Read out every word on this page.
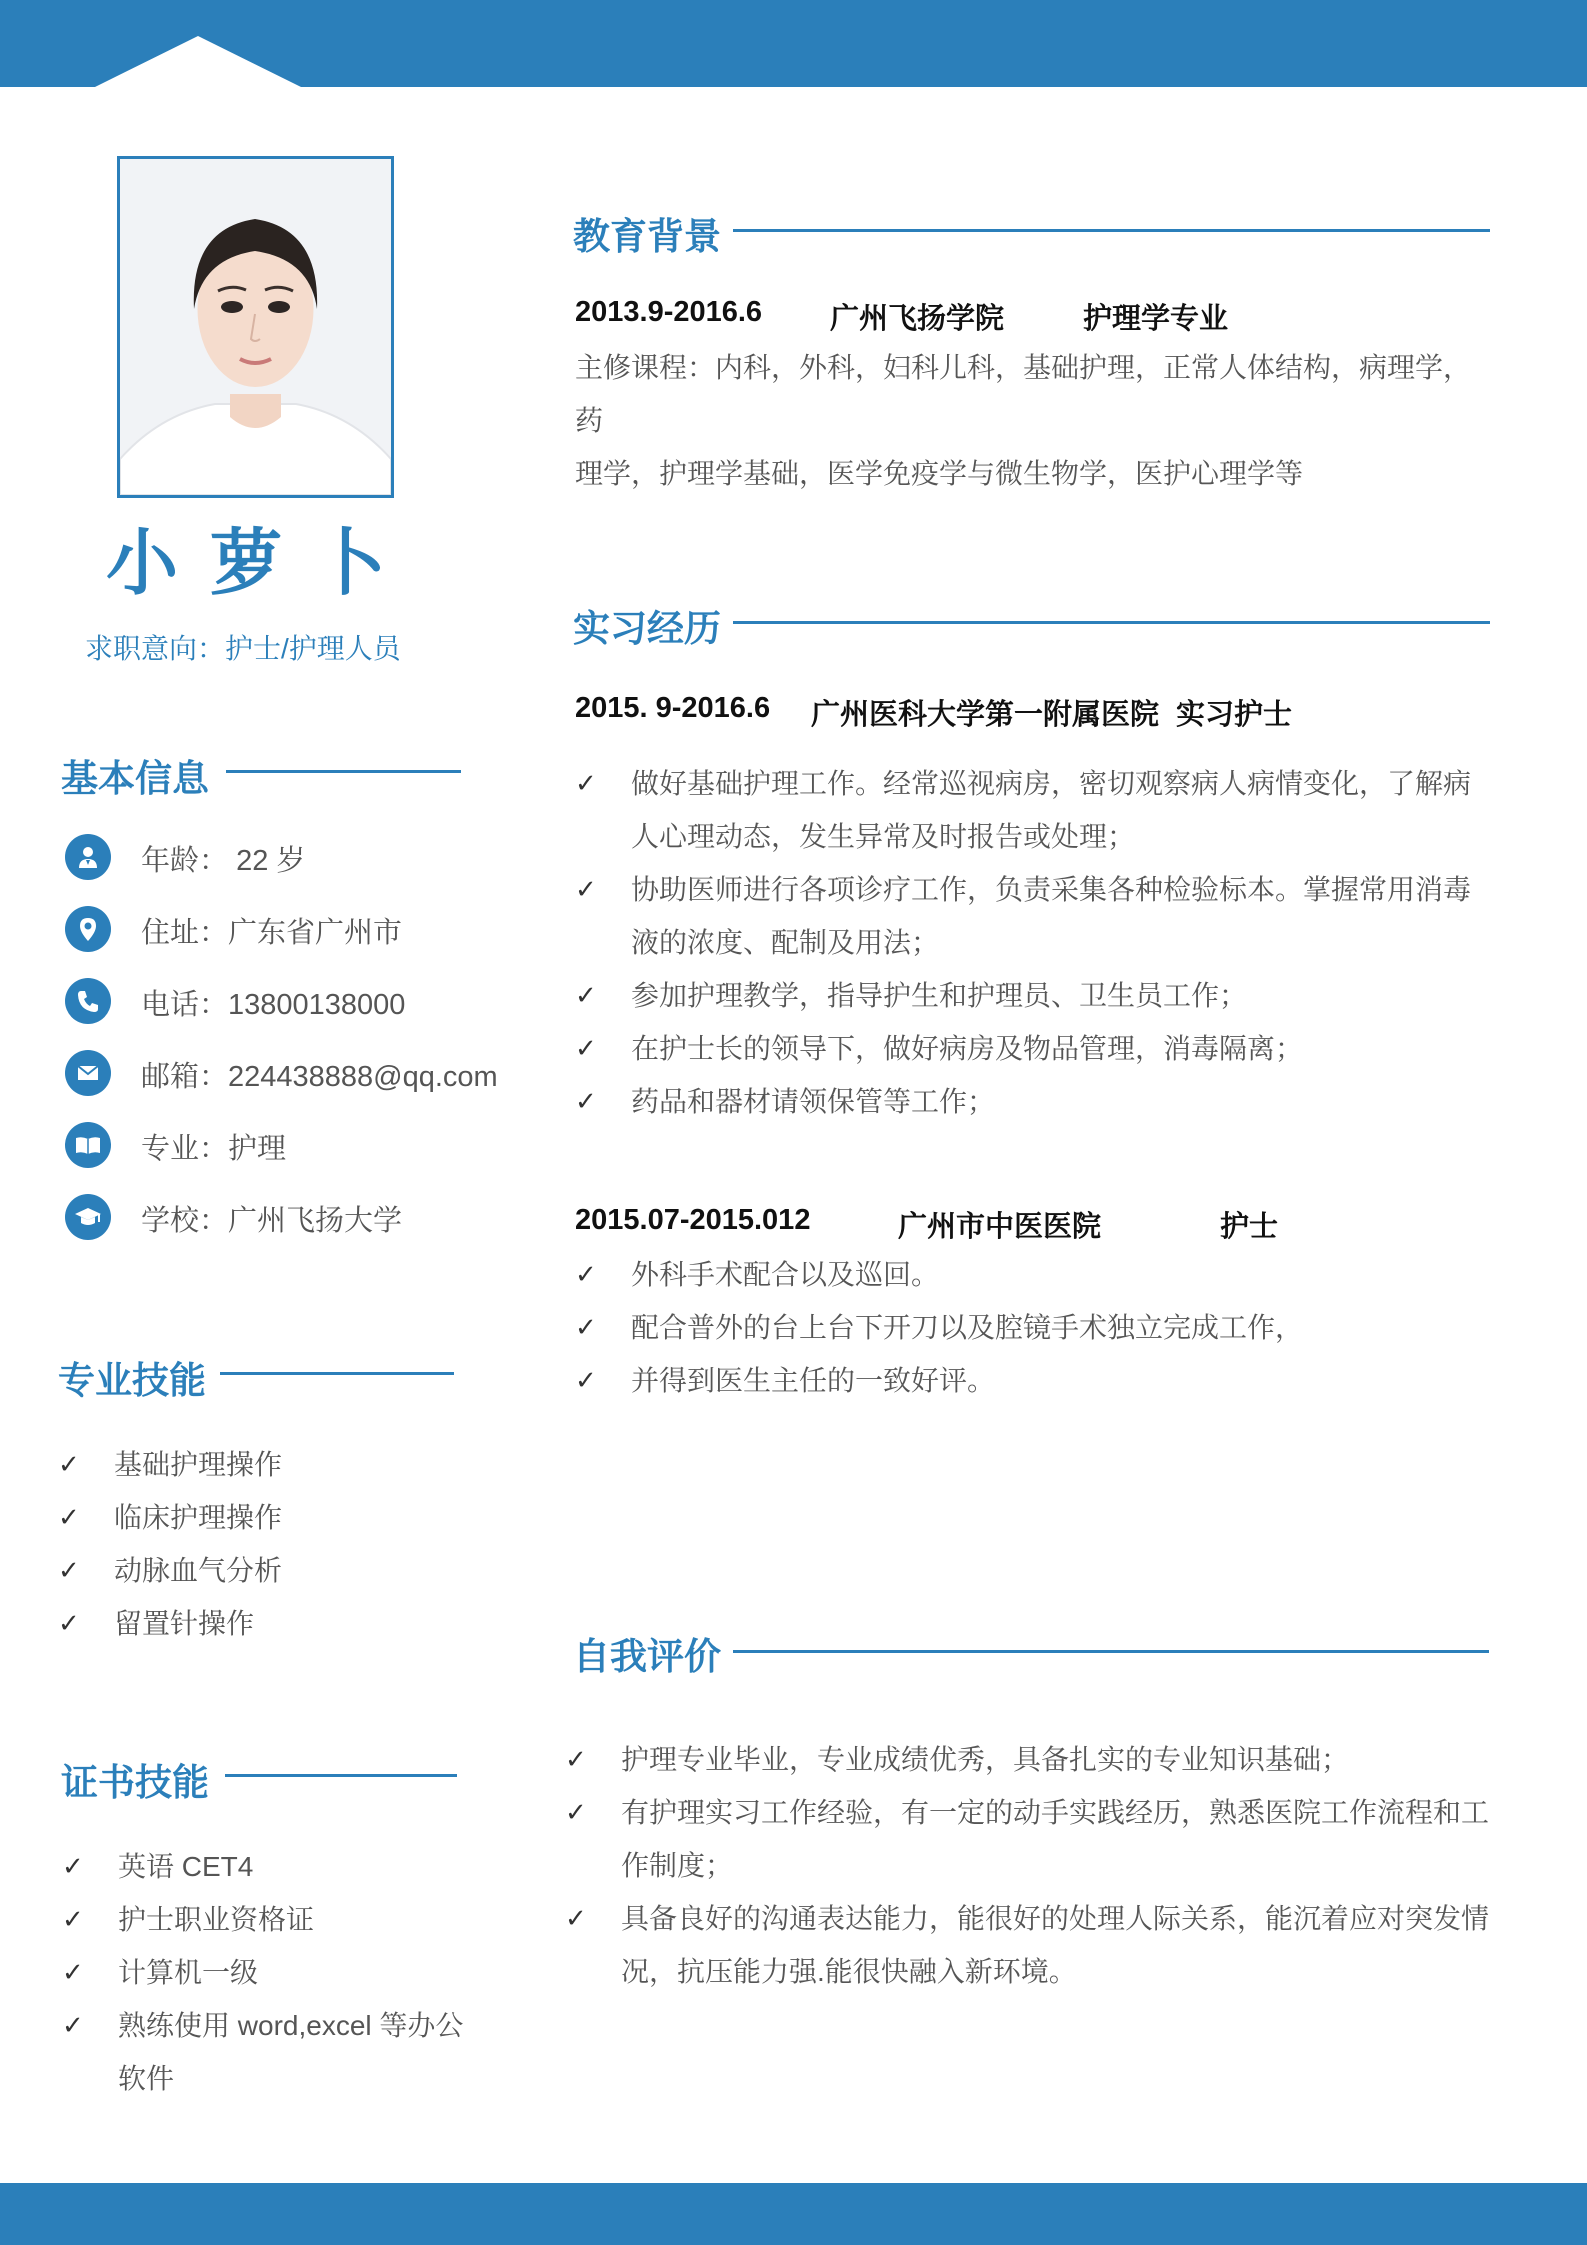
小萝卜
求职意向：护士/护理人员
基本信息
年龄： 22 岁
住址：广东省广州市
电话：13800138000
邮箱：224438888@qq.com
专业：护理
学校：广州飞扬大学
专业技能
✓ 基础护理操作
✓ 临床护理操作
✓ 动脉血气分析
✓ 留置针操作
证书技能
✓	英语 CET4
✓	护士职业资格证
✓	计算机一级
✓	熟练使用 word,excel 等办公软件
教育背景
2013.9-2016.6 广州飞扬学院	护理学专业
主修课程：内科，外科，妇科儿科，基础护理，正常人体结构，病理学，药
理学，护理学基础，医学免疫学与微生物学，医护心理学等
实习经历
2015. 9-2016.6 广州医科大学第一附属医院 实习护士
✓	做好基础护理工作。经常巡视病房，密切观察病人病情变化，了解病
人心理动态，发生异常及时报告或处理；
✓	协助医师进行各项诊疗工作，负责采集各种检验标本。掌握常用消毒
液的浓度、配制及用法；
✓	参加护理教学，指导护生和护理员、卫生员工作；
✓	在护士长的领导下，做好病房及物品管理，消毒隔离；
✓	药品和器材请领保管等工作；
2015.07-2015.012	广州市中医医院	护士
✓	外科手术配合以及巡回。
✓	配合普外的台上台下开刀以及腔镜手术独立完成工作，
✓	并得到医生主任的一致好评。
自我评价
✓	护理专业毕业，专业成绩优秀，具备扎实的专业知识基础；
✓	有护理实习工作经验，有一定的动手实践经历，熟悉医院工作流程和工
作制度；
✓	具备良好的沟通表达能力，能很好的处理人际关系，能沉着应对突发情
况，抗压能力强.能很快融入新环境。
